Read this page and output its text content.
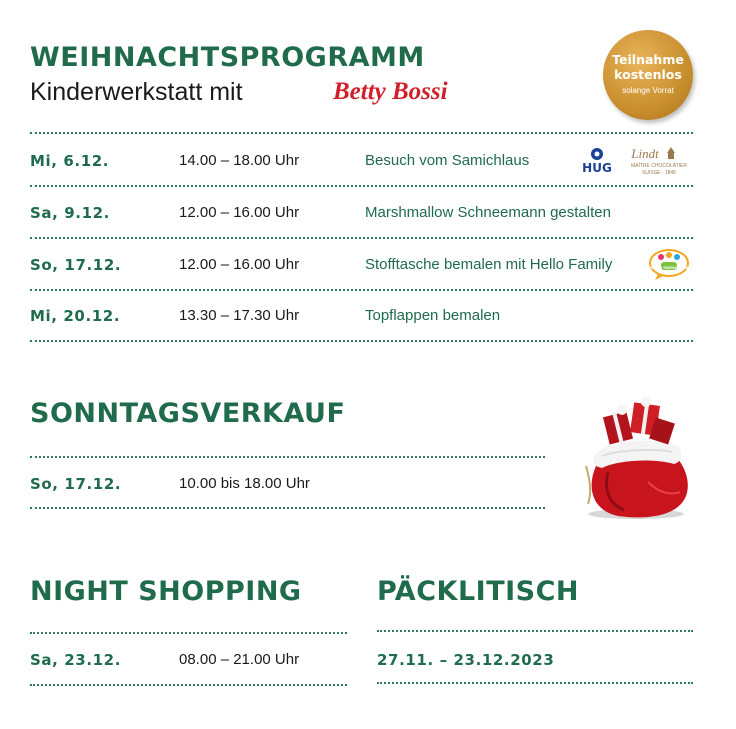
WEIHNACHTSPROGRAMM
Kinderwerkstatt mit	Betty Bossi
Teilnahme
kostenlos
solange Vorrat
Mi, 6.12.	14.00 – 18.00 Uhr	Besuch vom Samichlaus	HUG
Lindt
MAÎTRE CHOCOLATIER
SUISSE · 1845
Sa, 9.12.	12.00 – 16.00 Uhr	Marshmallow Schneemann gestalten
So, 17.12.	12.00 – 16.00 Uhr	Stofftasche bemalen mit Hello Family	HELLO FAMILY CLUB
Mi, 20.12.	13.30 – 17.30 Uhr	Topflappen bemalen
SONNTAGSVERKAUF
So, 17.12.	10.00 bis 18.00 Uhr
NIGHT SHOPPING
Sa, 23.12.	08.00 – 21.00 Uhr
PÄCKLITISCH
27.11. – 23.12.2023
